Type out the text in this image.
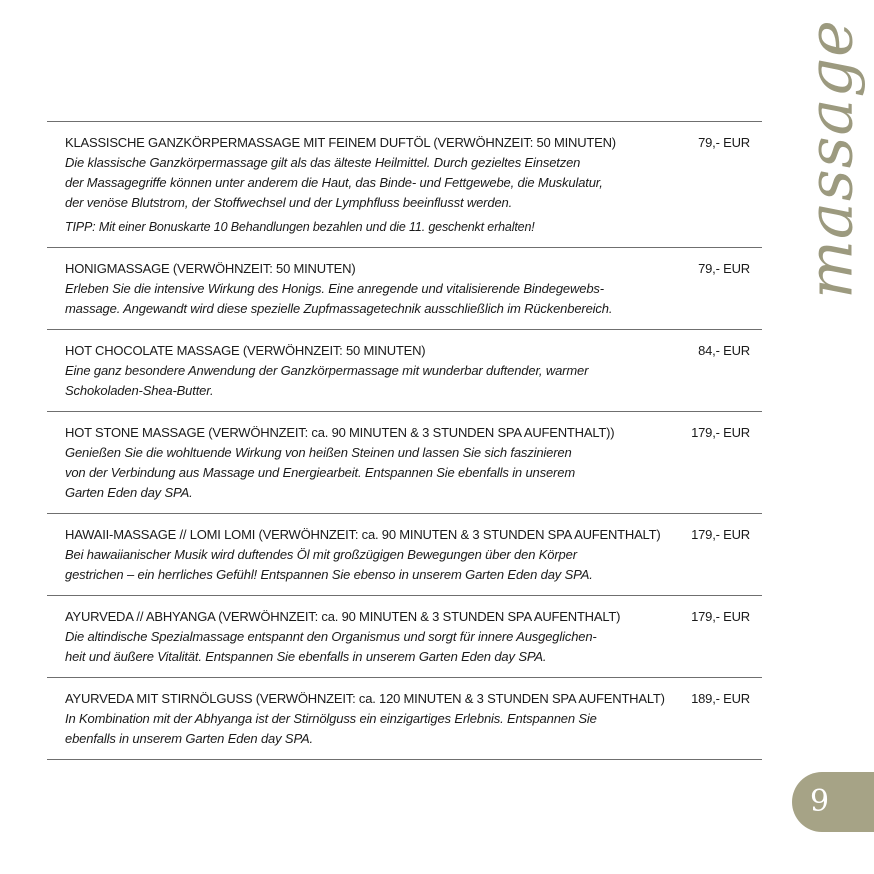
massage
KLASSISCHE GANZKÖRPERMASSAGE MIT FEINEM DUFTÖL (VERWÖHNZEIT: 50 MINUTEN)	79,- EUR
Die klassische Ganzkörpermassage gilt als das älteste Heilmittel. Durch gezieltes Einsetzen
der Massagegriffe können unter anderem die Haut, das Binde- und Fettgewebe, die Muskulatur,
der venöse Blutstrom, der Stoffwechsel und der Lymphfluss beeinflusst werden.
TIPP: Mit einer Bonuskarte 10 Behandlungen bezahlen und die 11. geschenkt erhalten!
HONIGMASSAGE (VERWÖHNZEIT: 50 MINUTEN)	79,- EUR
Erleben Sie die intensive Wirkung des Honigs. Eine anregende und vitalisierende Bindegewebs-
massage. Angewandt wird diese spezielle Zupfmassagetechnik ausschließlich im Rückenbereich.
HOT CHOCOLATE MASSAGE (VERWÖHNZEIT: 50 MINUTEN)	84,- EUR
Eine ganz besondere Anwendung der Ganzkörpermassage mit wunderbar duftender, warmer
Schokoladen-Shea-Butter.
HOT STONE MASSAGE (VERWÖHNZEIT: ca. 90 MINUTEN & 3 STUNDEN SPA AUFENTHALT))	179,- EUR
Genießen Sie die wohltuende Wirkung von heißen Steinen und lassen Sie sich faszinieren
von der Verbindung aus Massage und Energiearbeit. Entspannen Sie ebenfalls in unserem
Garten Eden day SPA.
HAWAII-MASSAGE // LOMI LOMI (VERWÖHNZEIT: ca. 90 MINUTEN & 3 STUNDEN SPA AUFENTHALT) 179,- EUR
Bei hawaiianischer Musik wird duftendes Öl mit großzügigen Bewegungen über den Körper
gestrichen – ein herrliches Gefühl! Entspannen Sie ebenso in unserem Garten Eden day SPA.
AYURVEDA // ABHYANGA (VERWÖHNZEIT: ca. 90 MINUTEN & 3 STUNDEN SPA AUFENTHALT)	179,- EUR
Die altindische Spezialmassage entspannt den Organismus und sorgt für innere Ausgeglichen-
heit und äußere Vitalität. Entspannen Sie ebenfalls in unserem Garten Eden day SPA.
AYURVEDA MIT STIRNÖLGUSS (VERWÖHNZEIT: ca. 120 MINUTEN & 3 STUNDEN SPA AUFENTHALT) 189,- EUR
In Kombination mit der Abhyanga ist der Stirnölguss ein einzigartiges Erlebnis. Entspannen Sie
ebenfalls in unserem Garten Eden day SPA.
9
